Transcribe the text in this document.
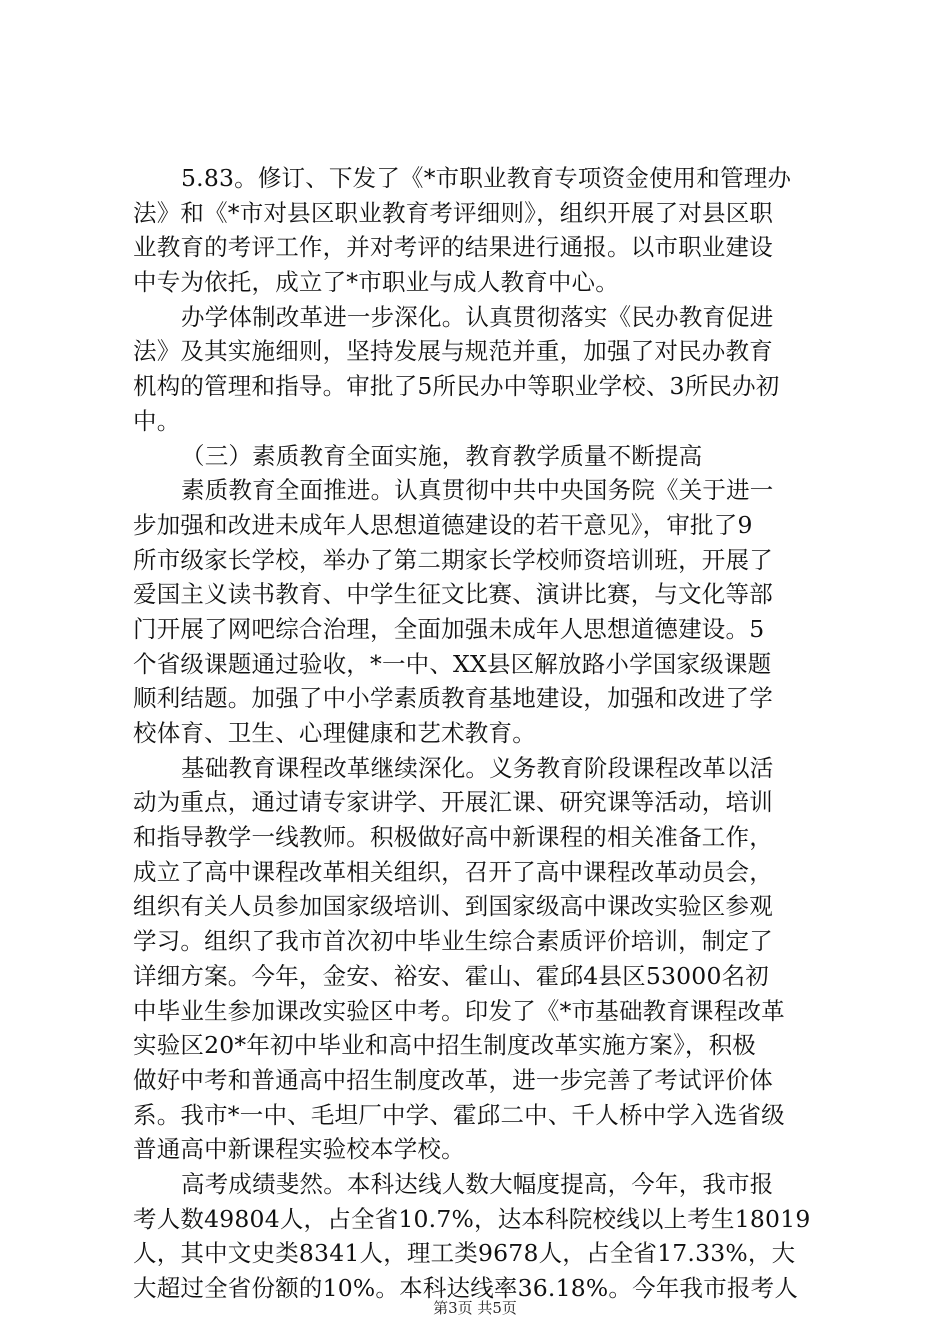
5.83。修订、下发了《*市职业教育专项资金使用和管理办
法》和《*市对县区职业教育考评细则》，组织开展了对县区职
业教育的考评工作，并对考评的结果进行通报。以市职业建设
中专为依托，成立了*市职业与成人教育中心。
办学体制改革进一步深化。认真贯彻落实《民办教育促进
法》及其实施细则，坚持发展与规范并重，加强了对民办教育
机构的管理和指导。审批了5所民办中等职业学校、3所民办初
中。
（三）素质教育全面实施，教育教学质量不断提高
素质教育全面推进。认真贯彻中共中央国务院《关于进一
步加强和改进未成年人思想道德建设的若干意见》，审批了9
所市级家长学校，举办了第二期家长学校师资培训班，开展了
爱国主义读书教育、中学生征文比赛、演讲比赛，与文化等部
门开展了网吧综合治理，全面加强未成年人思想道德建设。5
个省级课题通过验收，*一中、XX县区解放路小学国家级课题
顺利结题。加强了中小学素质教育基地建设，加强和改进了学
校体育、卫生、心理健康和艺术教育。
基础教育课程改革继续深化。义务教育阶段课程改革以活
动为重点，通过请专家讲学、开展汇课、研究课等活动，培训
和指导教学一线教师。积极做好高中新课程的相关准备工作，
成立了高中课程改革相关组织，召开了高中课程改革动员会，
组织有关人员参加国家级培训、到国家级高中课改实验区参观
学习。组织了我市首次初中毕业生综合素质评价培训，制定了
详细方案。今年，金安、裕安、霍山、霍邱4县区53000名初
中毕业生参加课改实验区中考。印发了《*市基础教育课程改革
实验区20*年初中毕业和高中招生制度改革实施方案》，积极
做好中考和普通高中招生制度改革，进一步完善了考试评价体
系。我市*一中、毛坦厂中学、霍邱二中、千人桥中学入选省级
普通高中新课程实验校本学校。
高考成绩斐然。本科达线人数大幅度提高，今年，我市报
考人数49804人，占全省10.7%，达本科院校线以上考生18019
人，其中文史类8341人，理工类9678人，占全省17.33%，大
大超过全省份额的10%。本科达线率36.18%。今年我市报考人
第3页 共5页
